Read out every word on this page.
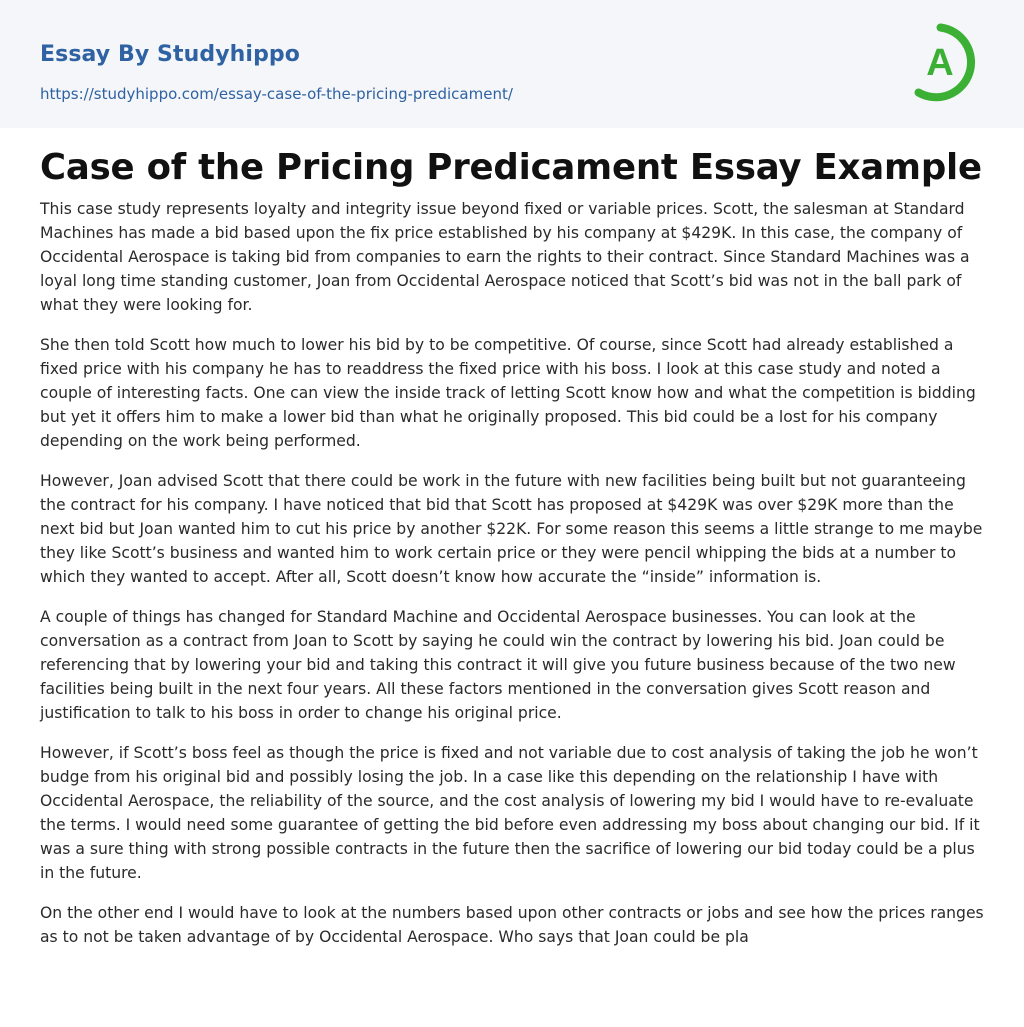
Essay By Studyhippo
https://studyhippo.com/essay-case-of-the-pricing-predicament/
A
Case of the Pricing Predicament Essay Example

This case study represents loyalty and integrity issue beyond fixed or variable prices. Scott, the salesman at Standard Machines has made a bid based upon the fix price established by his company at $429K. In this case, the company of Occidental Aerospace is taking bid from companies to earn the rights to their contract. Since Standard Machines was a loyal long time standing customer, Joan from Occidental Aerospace noticed that Scott’s bid was not in the ball park of what they were looking for.

She then told Scott how much to lower his bid by to be competitive. Of course, since Scott had already established a fixed price with his company he has to readdress the fixed price with his boss. I look at this case study and noted a couple of interesting facts. One can view the inside track of letting Scott know how and what the competition is bidding but yet it offers him to make a lower bid than what he originally proposed. This bid could be a lost for his company depending on the work being performed.

However, Joan advised Scott that there could be work in the future with new facilities being built but not guaranteeing the contract for his company. I have noticed that bid that Scott has proposed at $429K was over $29K more than the next bid but Joan wanted him to cut his price by another $22K. For some reason this seems a little strange to me maybe they like Scott’s business and wanted him to work certain price or they were pencil whipping the bids at a number to which they wanted to accept. After all, Scott doesn’t know how accurate the “inside” information is.

A couple of things has changed for Standard Machine and Occidental Aerospace businesses. You can look at the conversation as a contract from Joan to Scott by saying he could win the contract by lowering his bid. Joan could be referencing that by lowering your bid and taking this contract it will give you future business because of the two new facilities being built in the next four years. All these factors mentioned in the conversation gives Scott reason and justification to talk to his boss in order to change his original price.

However, if Scott’s boss feel as though the price is fixed and not variable due to cost analysis of taking the job he won’t budge from his original bid and possibly losing the job. In a case like this depending on the relationship I have with Occidental Aerospace, the reliability of the source, and the cost analysis of lowering my bid I would have to re-evaluate the terms. I would need some guarantee of getting the bid before even addressing my boss about changing our bid. If it was a sure thing with strong possible contracts in the future then the sacrifice of lowering our bid today could be a plus in the future.

On the other end I would have to look at the numbers based upon other contracts or jobs and see how the prices ranges as to not be taken advantage of by Occidental Aerospace. Who says that Joan could be pla
